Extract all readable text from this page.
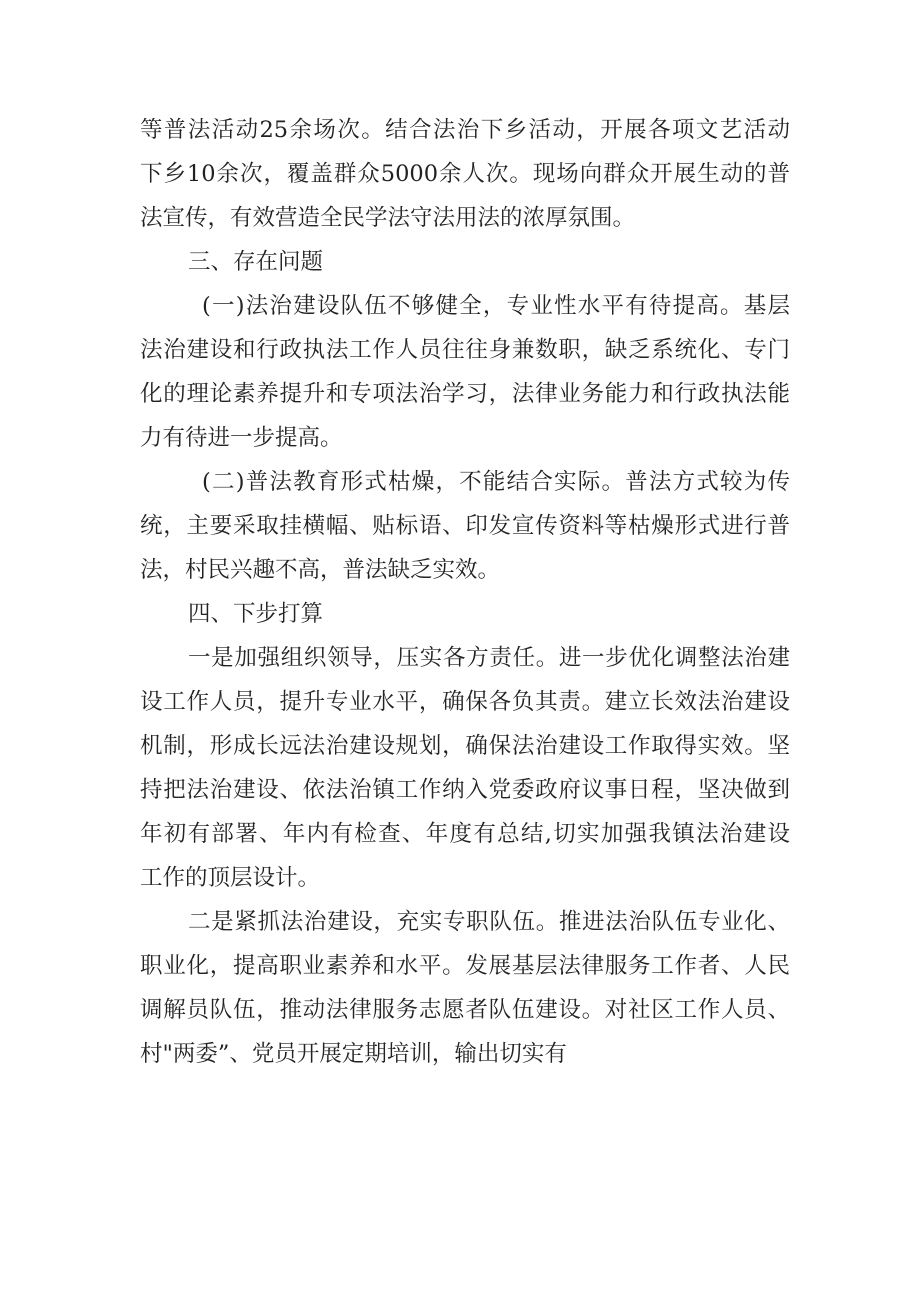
等普法活动25余场次。结合法治下乡活动，开展各项文艺活动
下乡10余次，覆盖群众5000余人次。现场向群众开展生动的普
法宣传，有效营造全民学法守法用法的浓厚氛围。
三、存在问题
(一)法治建设队伍不够健全，专业性水平有待提高。基层
法治建设和行政执法工作人员往往身兼数职，缺乏系统化、专门
化的理论素养提升和专项法治学习，法律业务能力和行政执法能
力有待进一步提高。
(二)普法教育形式枯燥，不能结合实际。普法方式较为传
统，主要采取挂横幅、贴标语、印发宣传资料等枯燥形式进行普
法，村民兴趣不高，普法缺乏实效。
四、下步打算
一是加强组织领导，压实各方责任。进一步优化调整法治建
设工作人员，提升专业水平，确保各负其责。建立长效法治建设
机制，形成长远法治建设规划，确保法治建设工作取得实效。坚
持把法治建设、依法治镇工作纳入党委政府议事日程，坚决做到
年初有部署、年内有检查、年度有总结,切实加强我镇法治建设
工作的顶层设计。
二是紧抓法治建设，充实专职队伍。推进法治队伍专业化、
职业化，提高职业素养和水平。发展基层法律服务工作者、人民
调解员队伍，推动法律服务志愿者队伍建设。对社区工作人员、
村"两委”、党员开展定期培训，输出切实有
